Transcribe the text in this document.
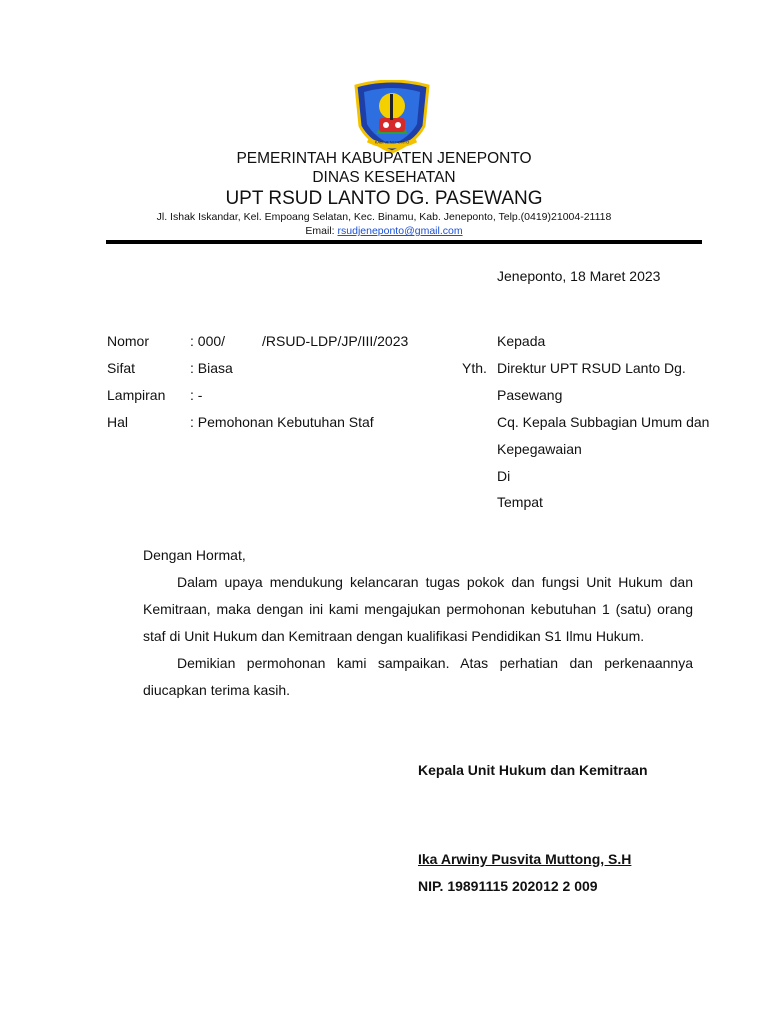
KAB. JENEPONTO
PEMERINTAH KABUPATEN JENEPONTO
DINAS KESEHATAN
UPT RSUD LANTO DG. PASEWANG
Jl. Ishak Iskandar, Kel. Empoang Selatan, Kec. Binamu, Kab. Jeneponto, Telp.(0419)21004-21118
Email: rsudjeneponto@gmail.com
Jeneponto, 18 Maret 2023
Nomor	: 000/	/RSUD-LDP/JP/III/2023
Sifat	: Biasa
Lampiran : -
Hal	: Pemohonan Kebutuhan Staf
Kepada
Yth. Direktur UPT RSUD Lanto Dg.
Pasewang
Cq. Kepala Subbagian Umum dan
Kepegawaian
Di
Tempat

Dengan Hormat,

Dalam upaya mendukung kelancaran tugas pokok dan fungsi Unit Hukum dan Kemitraan, maka dengan ini kami mengajukan permohonan kebutuhan 1 (satu) orang staf di Unit Hukum dan Kemitraan dengan kualifikasi Pendidikan S1 Ilmu Hukum.

Demikian permohonan kami sampaikan. Atas perhatian dan perkenaannya diucapkan terima kasih.

Kepala Unit Hukum dan Kemitraan
Ika Arwiny Pusvita Muttong, S.H
NIP. 19891115 202012 2 009
